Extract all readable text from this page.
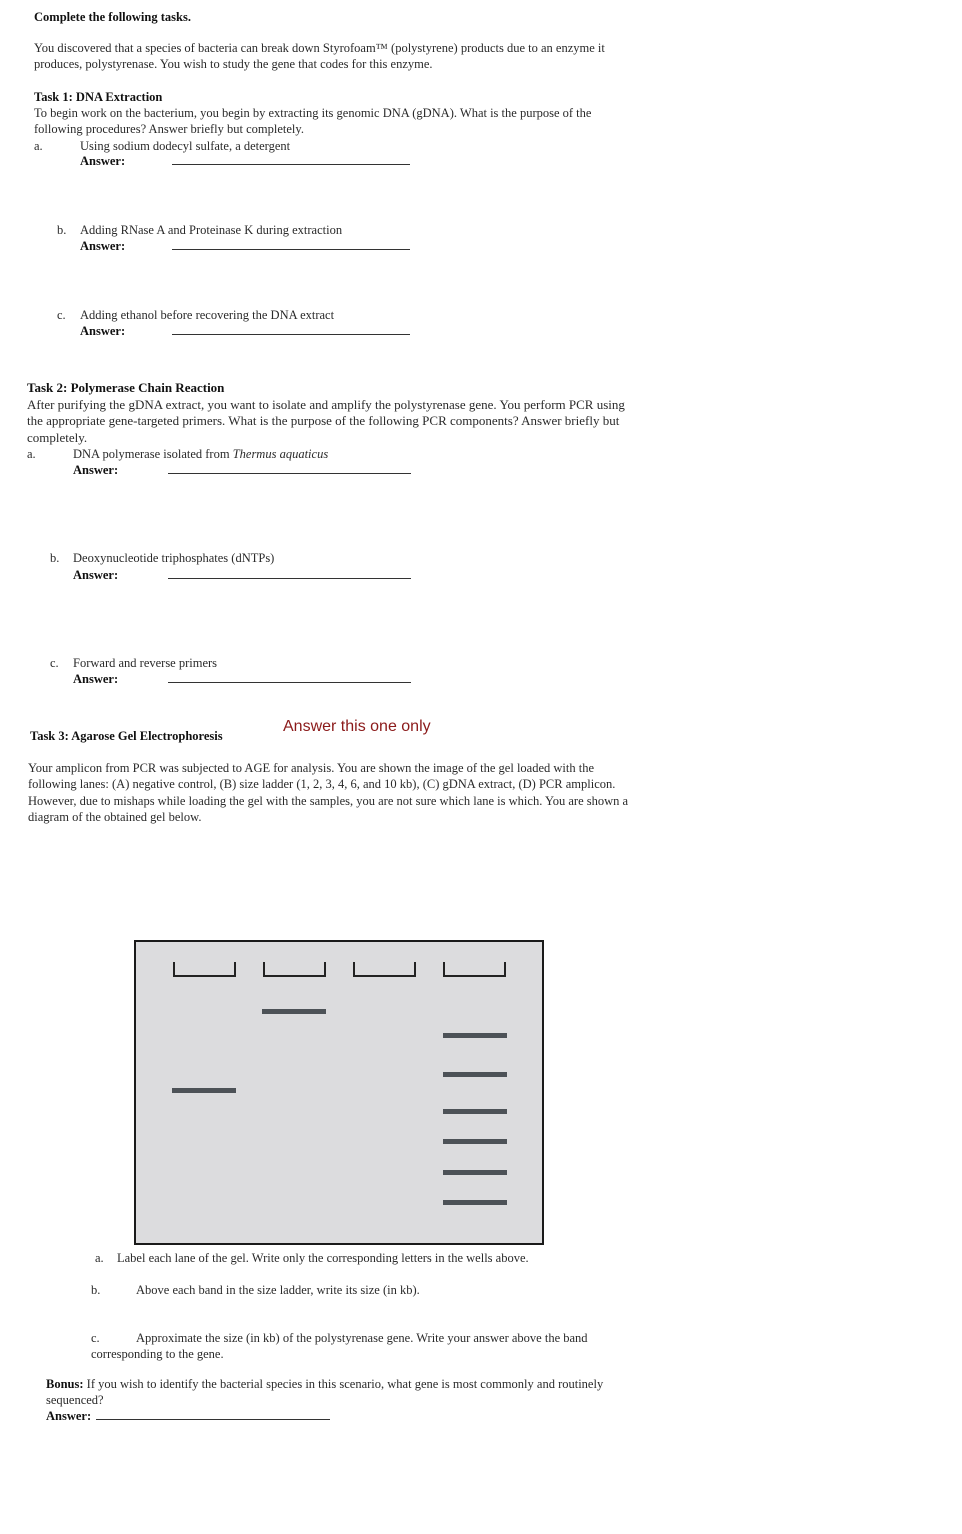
Complete the following tasks.
You discovered that a species of bacteria can break down Styrofoam™ (polystyrene) products due to an enzyme it produces, polystyrenase. You wish to study the gene that codes for this enzyme.
Task 1: DNA Extraction
To begin work on the bacterium, you begin by extracting its genomic DNA (gDNA). What is the purpose of the following procedures? Answer briefly but completely.
a.	Using sodium dodecyl sulfate, a detergent
Answer:
b. Adding RNase A and Proteinase K during extraction
Answer:
c. Adding ethanol before recovering the DNA extract
Answer:
Task 2: Polymerase Chain Reaction
After purifying the gDNA extract, you want to isolate and amplify the polystyrenase gene. You perform PCR using the appropriate gene-targeted primers. What is the purpose of the following PCR components? Answer briefly but completely.
a.	DNA polymerase isolated from Thermus aquaticus
Answer:
b. Deoxynucleotide triphosphates (dNTPs)
Answer:
c. Forward and reverse primers
Answer:
Answer this one only
Task 3: Agarose Gel Electrophoresis
Your amplicon from PCR was subjected to AGE for analysis. You are shown the image of the gel loaded with the following lanes: (A) negative control, (B) size ladder (1, 2, 3, 4, 6, and 10 kb), (C) gDNA extract, (D) PCR amplicon. However, due to mishaps while loading the gel with the samples, you are not sure which lane is which. You are shown a diagram of the obtained gel below.
a. Label each lane of the gel. Write only the corresponding letters in the wells above.
b.	Above each band in the size ladder, write its size (in kb).
c.	Approximate the size (in kb) of the polystyrenase gene. Write your answer above the band corresponding to the gene.
Bonus: If you wish to identify the bacterial species in this scenario, what gene is most commonly and routinely sequenced?
Answer:
